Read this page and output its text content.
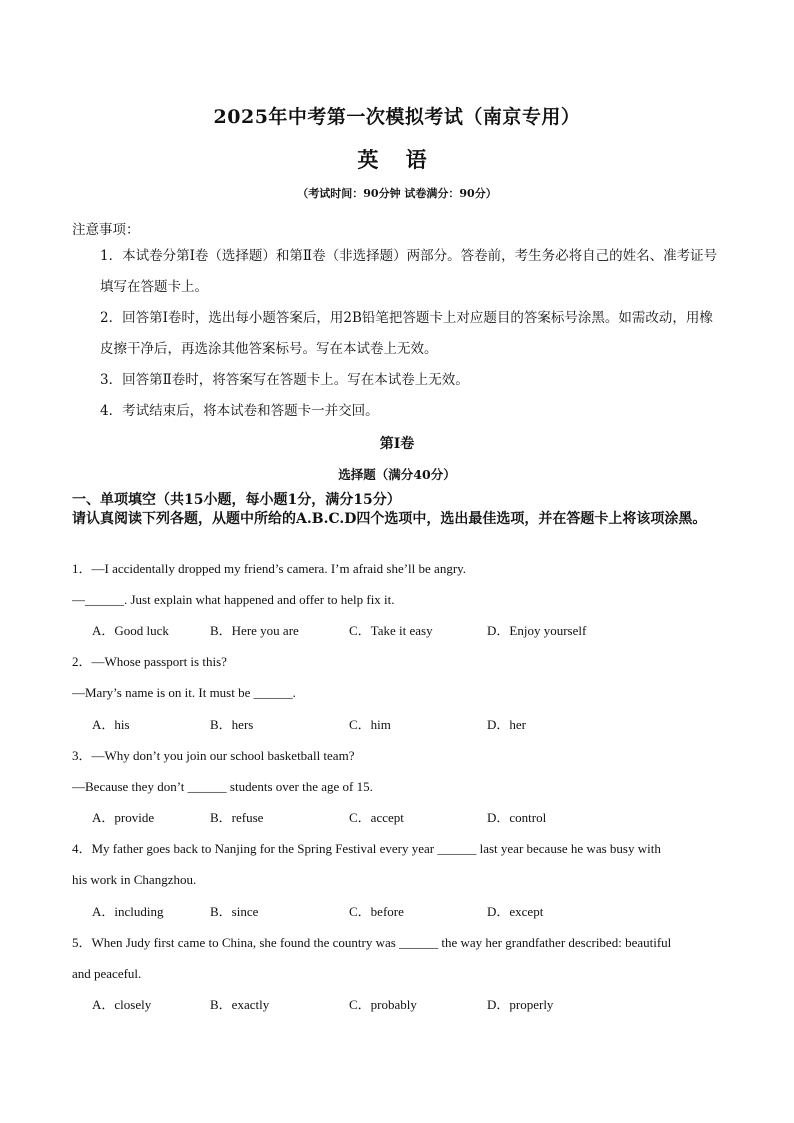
2025年中考第一次模拟考试（南京专用）
英 语
（考试时间：90分钟 试卷满分：90分）
注意事项：
1．本试卷分第Ⅰ卷（选择题）和第Ⅱ卷（非选择题）两部分。答卷前，考生务必将自己的姓名、准考证号填写在答题卡上。
2．回答第Ⅰ卷时，选出每小题答案后，用2B铅笔把答题卡上对应题目的答案标号涂黑。如需改动，用橡皮擦干净后，再选涂其他答案标号。写在本试卷上无效。
3．回答第Ⅱ卷时，将答案写在答题卡上。写在本试卷上无效。
4．考试结束后，将本试卷和答题卡一并交回。
第Ⅰ卷
选择题（满分40分）
一、单项填空（共15小题，每小题1分，满分15分）
请认真阅读下列各题，从题中所给的A.B.C.D四个选项中，选出最佳选项，并在答题卡上将该项涂黑。
1．—I accidentally dropped my friend’s camera. I’m afraid she’ll be angry.
—______. Just explain what happened and offer to help fix it.
A．Good luck	B．Here you are	C．Take it easy	D．Enjoy yourself
2．—Whose passport is this?
—Mary’s name is on it. It must be ______.
A．his	B．hers	C．him	D．her
3．—Why don’t you join our school basketball team?
—Because they don’t ______ students over the age of 15.
A．provide	B．refuse	C．accept	D．control
4．My father goes back to Nanjing for the Spring Festival every year ______ last year because he was busy with
his work in Changzhou.
A．including	B．since	C．before	D．except
5．When Judy first came to China, she found the country was ______ the way her grandfather described: beautiful
and peaceful.
A．closely	B．exactly	C．probably	D．properly
